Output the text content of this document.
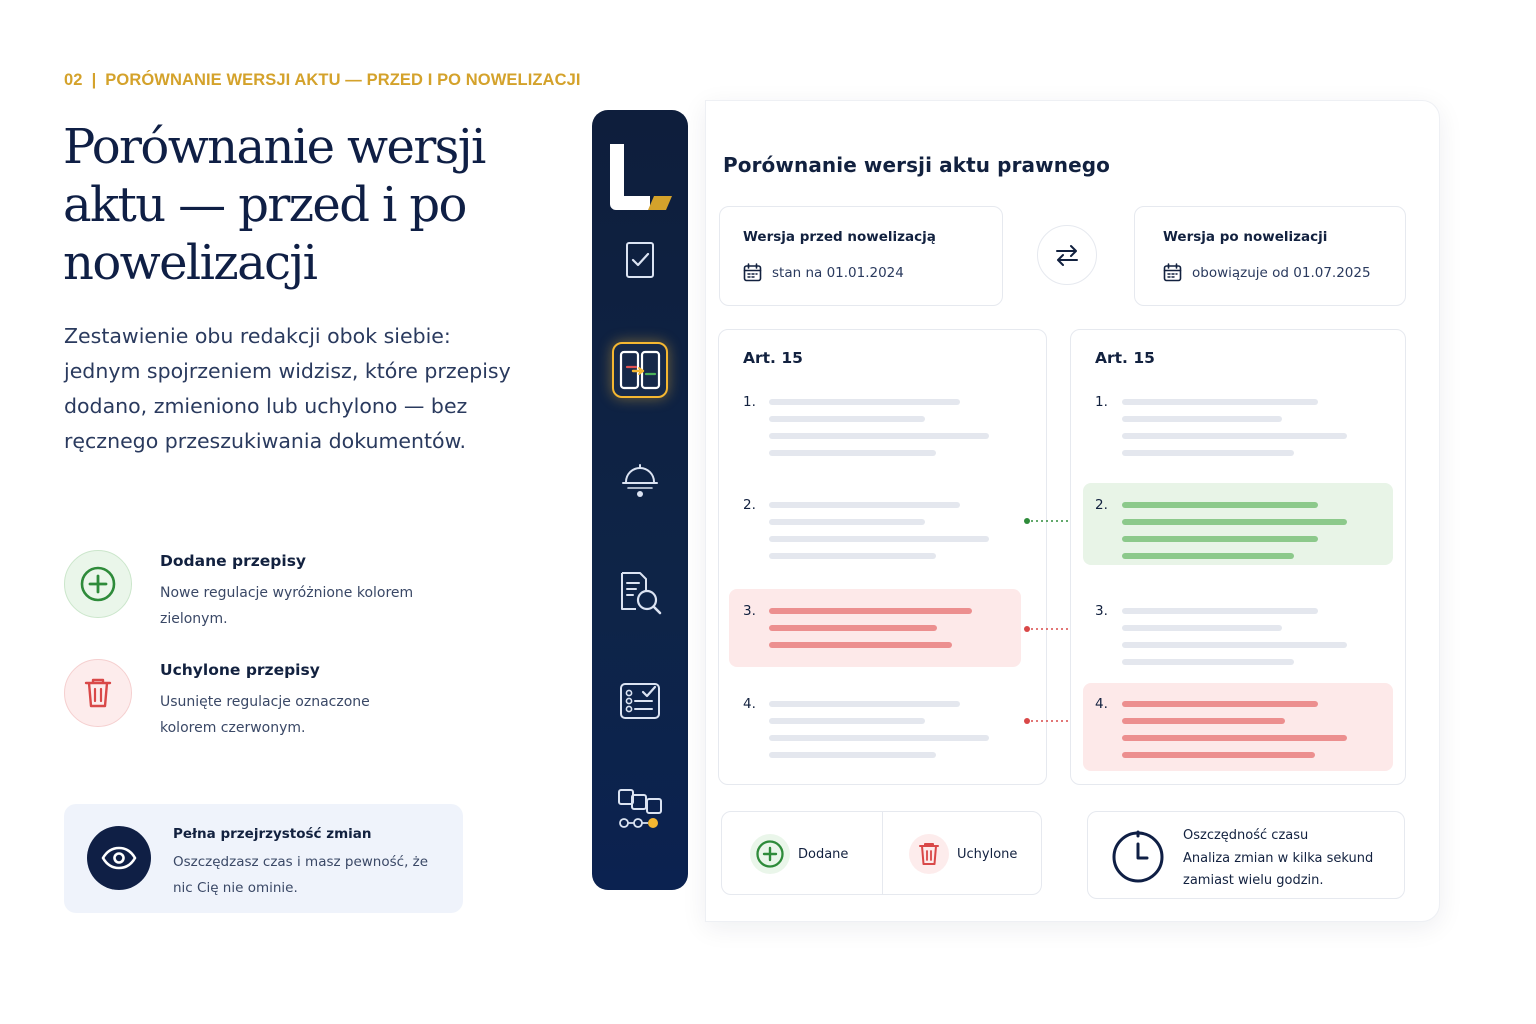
02 | PORÓWNANIE WERSJI AKTU — PRZED I PO NOWELIZACJI
Porównanie wersji aktu — przed i po nowelizacji

Zestawienie obu redakcji obok siebie: jednym spojrzeniem widzisz, które przepisy dodano, zmieniono lub uchylono — bez ręcznego przeszukiwania dokumentów.

Dodane przepisy
Nowe regulacje wyróżnione kolorem zielonym.
Uchylone przepisy
Usunięte regulacje oznaczone kolorem czerwonym.
Pełna przejrzystość zmian
Oszczędzasz czas i masz pewność, że nic Cię nie ominie.
Porównanie wersji aktu prawnego
Wersja przed nowelizacją
stan na 01.01.2024
Wersja po nowelizacji
obowiązuje od 01.07.2025
Art. 15
1.
2.
3.
4.
Art. 15
1.
2.
3.
4.
Dodane	Uchylone
Oszczędność czasu
Analiza zmian w kilka sekund zamiast wielu godzin.
